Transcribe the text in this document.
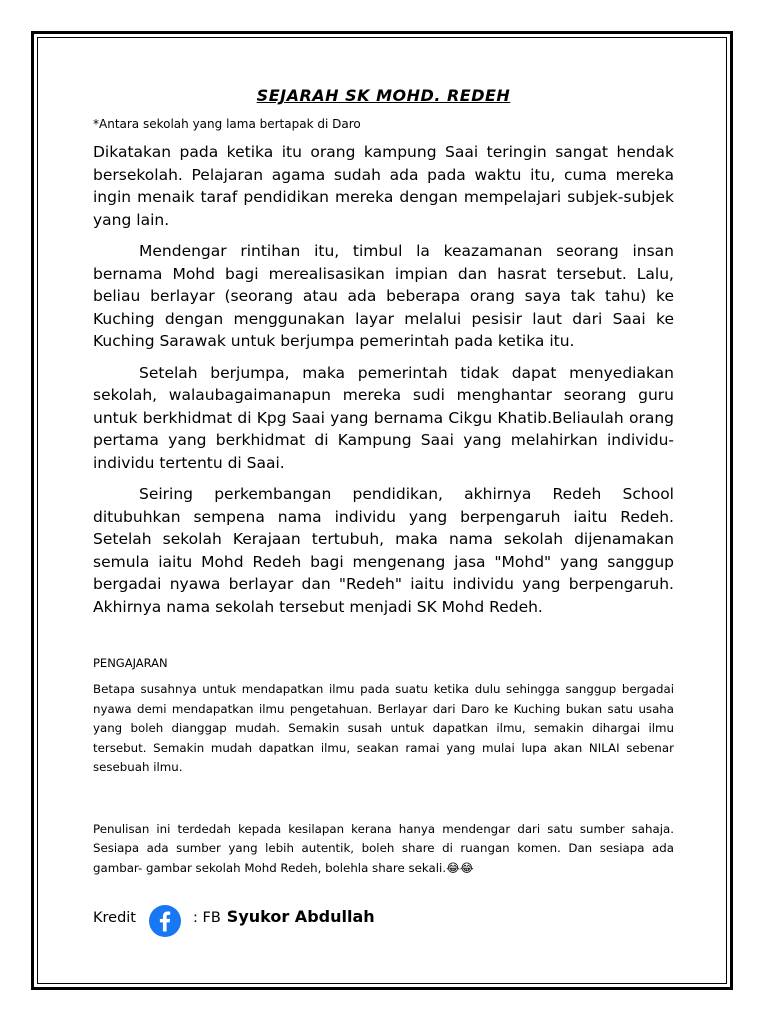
SEJARAH SK MOHD. REDEH

*Antara sekolah yang lama bertapak di Daro

Dikatakan pada ketika itu orang kampung Saai teringin sangat hendak bersekolah. Pelajaran agama sudah ada pada waktu itu, cuma mereka ingin menaik taraf pendidikan mereka dengan mempelajari subjek-subjek yang lain.

Mendengar rintihan itu, timbul la keazamanan seorang insan bernama Mohd bagi merealisasikan impian dan hasrat tersebut. Lalu, beliau berlayar (seorang atau ada beberapa orang saya tak tahu) ke Kuching dengan menggunakan layar melalui pesisir laut dari Saai ke Kuching Sarawak untuk berjumpa pemerintah pada ketika itu.

Setelah berjumpa, maka pemerintah tidak dapat menyediakan sekolah, walaubagaimanapun mereka sudi menghantar seorang guru untuk berkhidmat di Kpg Saai yang bernama Cikgu Khatib.Beliaulah orang pertama yang berkhidmat di Kampung Saai yang melahirkan individu-individu tertentu di Saai.

Seiring perkembangan pendidikan, akhirnya Redeh School ditubuhkan sempena nama individu yang berpengaruh iaitu Redeh. Setelah sekolah Kerajaan tertubuh, maka nama sekolah dijenamakan semula iaitu Mohd Redeh bagi mengenang jasa "Mohd" yang sanggup bergadai nyawa berlayar dan "Redeh" iaitu individu yang berpengaruh. Akhirnya nama sekolah tersebut menjadi SK Mohd Redeh.

PENGAJARAN

Betapa susahnya untuk mendapatkan ilmu pada suatu ketika dulu sehingga sanggup bergadai nyawa demi mendapatkan ilmu pengetahuan. Berlayar dari Daro ke Kuching bukan satu usaha yang boleh dianggap mudah. Semakin susah untuk dapatkan ilmu, semakin dihargai ilmu tersebut. Semakin mudah dapatkan ilmu, seakan ramai yang mulai lupa akan NILAI sebenar sesebuah ilmu.

Penulisan ini terdedah kepada kesilapan kerana hanya mendengar dari satu sumber sahaja. Sesiapa ada sumber yang lebih autentik, boleh share di ruangan komen. Dan sesiapa ada gambar- gambar sekolah Mohd Redeh, bolehla share sekali.😂😂

Kredit	: FB Syukor Abdullah
